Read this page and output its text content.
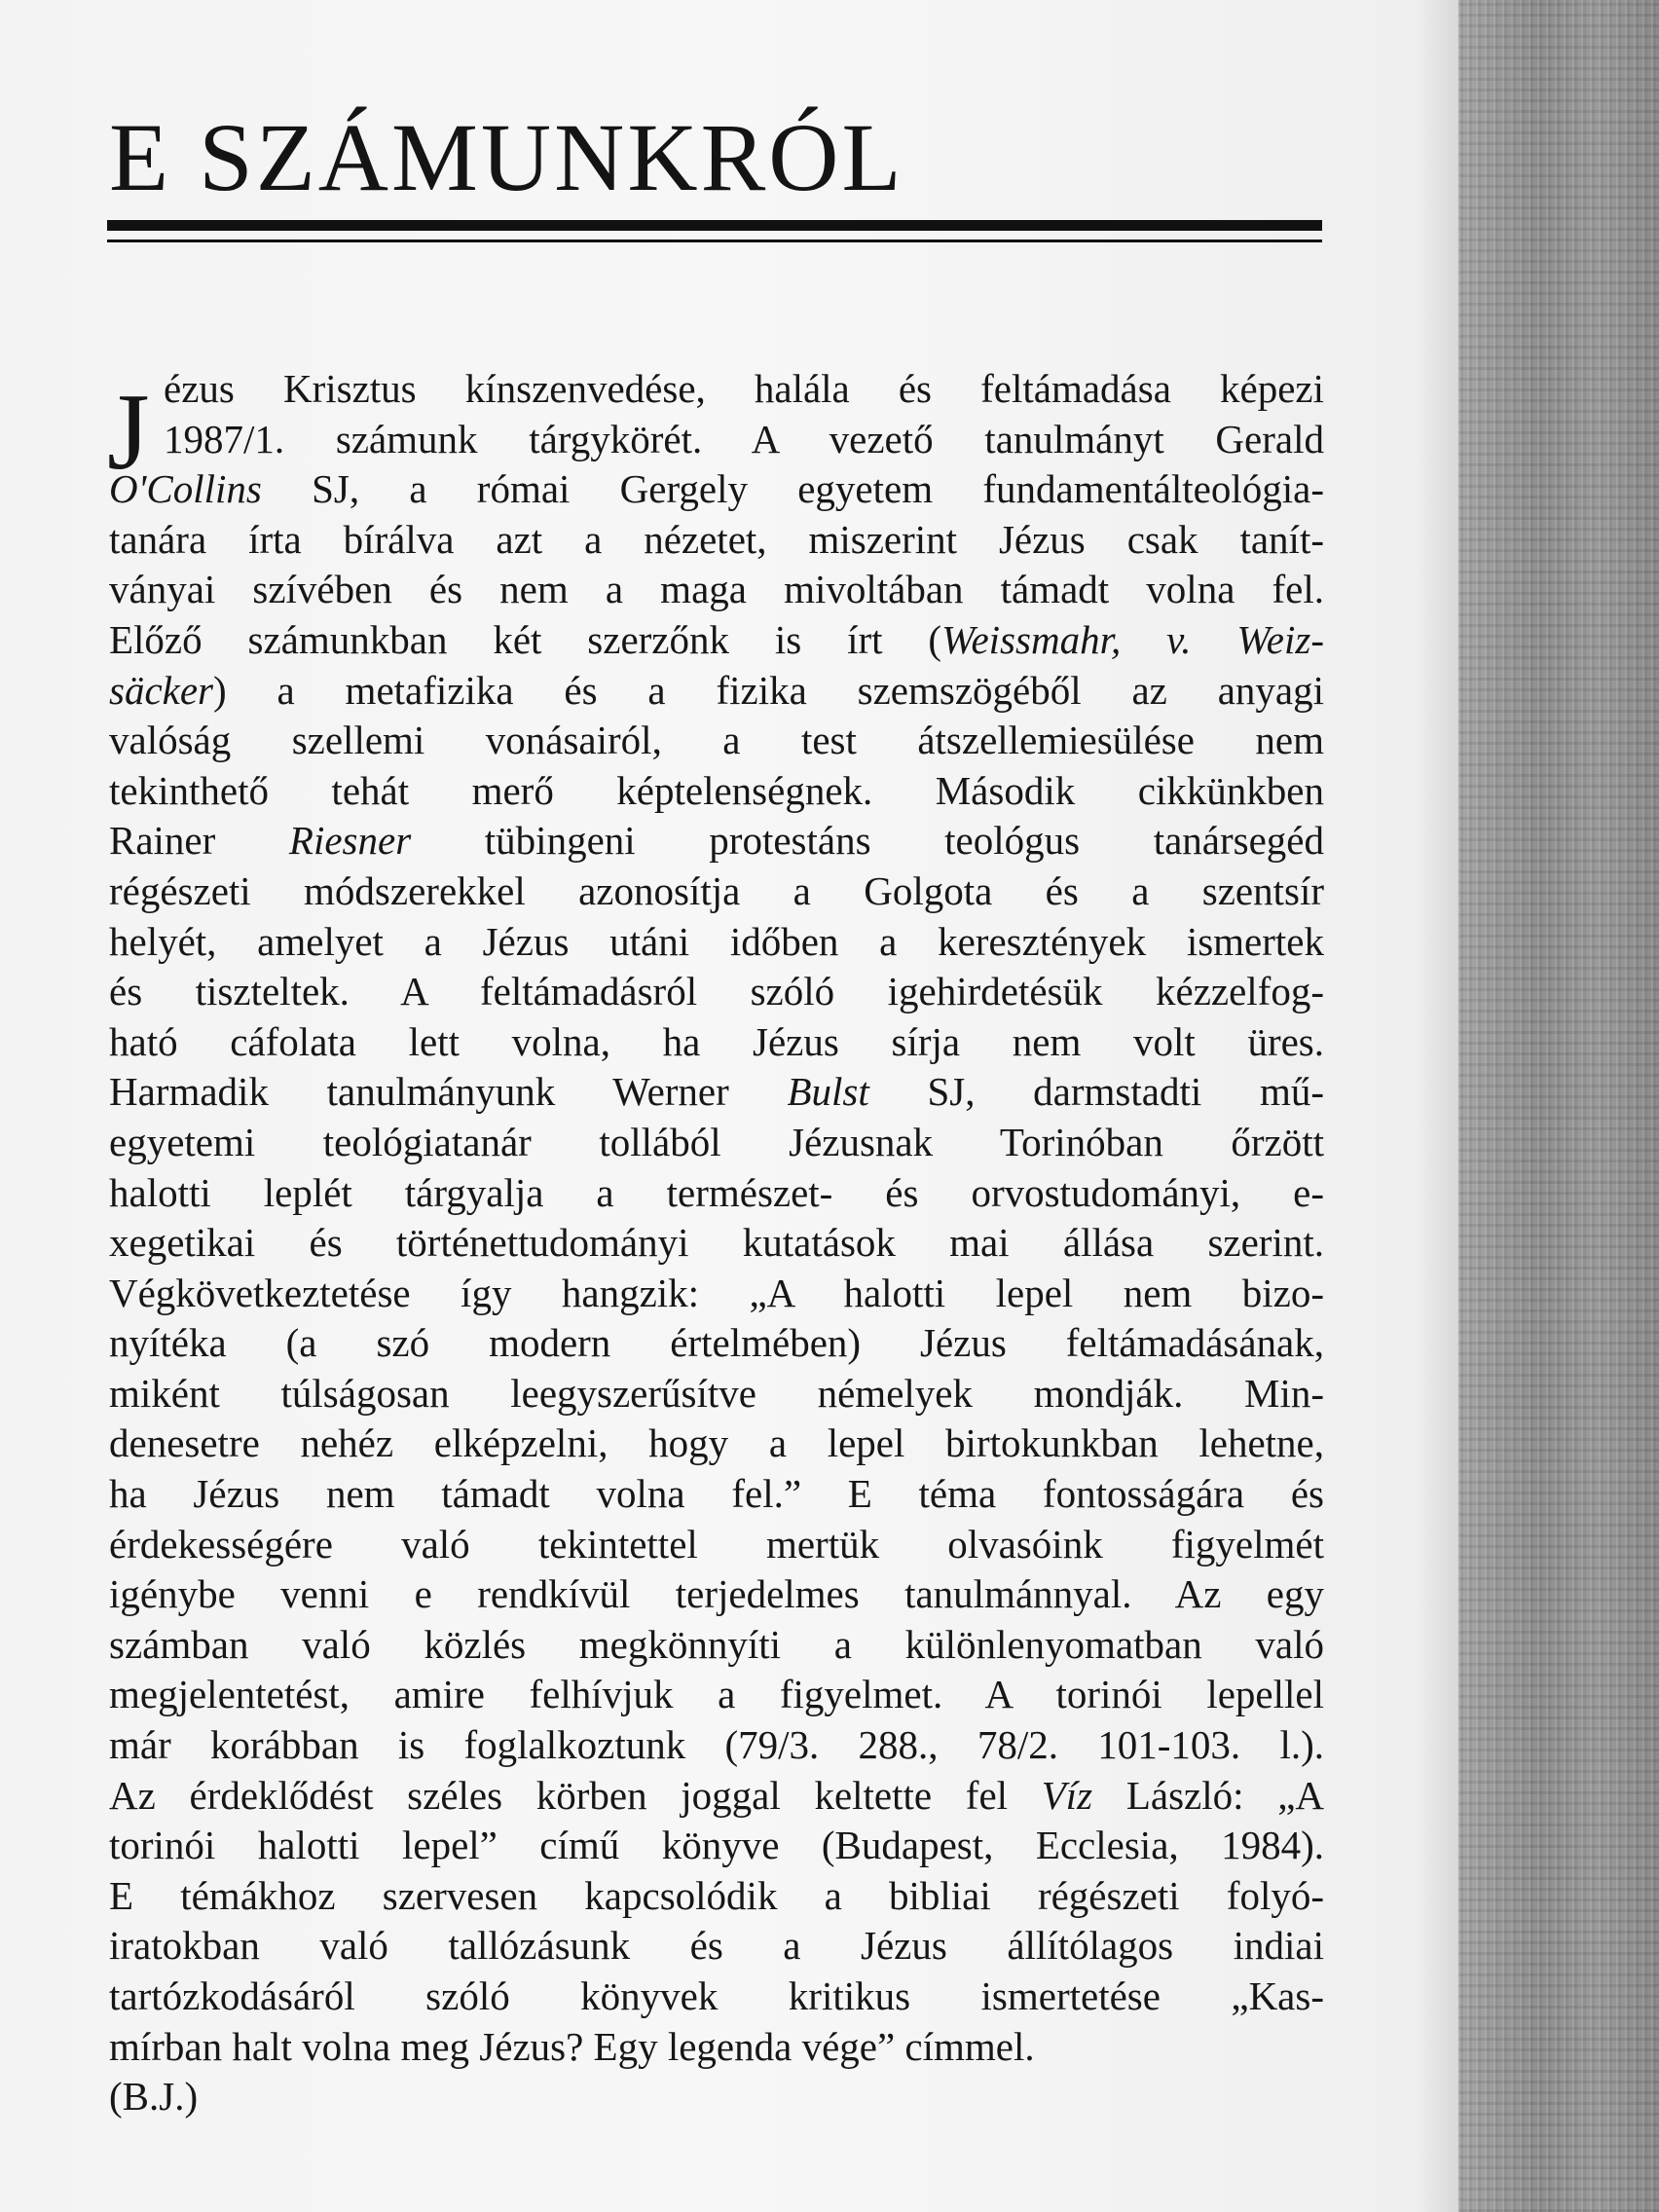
E SZÁMUNKRÓL
J ézus Krisztus kínszenvedése, halála és feltámadása képezi
1987/1. számunk tárgykörét. A vezető tanulmányt Gerald
O'Collins SJ, a római Gergely egyetem fundamentálteológia-
tanára írta bírálva azt a nézetet, miszerint Jézus csak tanít-
ványai szívében és nem a maga mivoltában támadt volna fel.
Előző számunkban két szerzőnk is írt (Weissmahr, v. Weiz-
säcker) a metafizika és a fizika szemszögéből az anyagi
valóság szellemi vonásairól, a test átszellemiesülése nem
tekinthető tehát merő képtelenségnek. Második cikkünkben
Rainer Riesner tübingeni protestáns teológus tanársegéd
régészeti módszerekkel azonosítja a Golgota és a szentsír
helyét, amelyet a Jézus utáni időben a keresztények ismertek
és tiszteltek. A feltámadásról szóló igehirdetésük kézzelfog-
ható cáfolata lett volna, ha Jézus sírja nem volt üres.
Harmadik tanulmányunk Werner Bulst SJ, darmstadti mű-
egyetemi teológiatanár tollából Jézusnak Torinóban őrzött
halotti leplét tárgyalja a természet- és orvostudományi, e-
xegetikai és történettudományi kutatások mai állása szerint.
Végkövetkeztetése így hangzik: „A halotti lepel nem bizo-
nyítéka (a szó modern értelmében) Jézus feltámadásának,
miként túlságosan leegyszerűsítve némelyek mondják. Min-
denesetre nehéz elképzelni, hogy a lepel birtokunkban lehetne,
ha Jézus nem támadt volna fel.” E téma fontosságára és
érdekességére való tekintettel mertük olvasóink figyelmét
igénybe venni e rendkívül terjedelmes tanulmánnyal. Az egy
számban való közlés megkönnyíti a különlenyomatban való
megjelentetést, amire felhívjuk a figyelmet. A torinói lepellel
már korábban is foglalkoztunk (79/3. 288., 78/2. 101-103. l.).
Az érdeklődést széles körben joggal keltette fel Víz László: „A
torinói halotti lepel” című könyve (Budapest, Ecclesia, 1984).
E témákhoz szervesen kapcsolódik a bibliai régészeti folyó-
iratokban való tallózásunk és a Jézus állítólagos indiai
tartózkodásáról szóló könyvek kritikus ismertetése „Kas-
mírban halt volna meg Jézus? Egy legenda vége” címmel.
(B.J.)
